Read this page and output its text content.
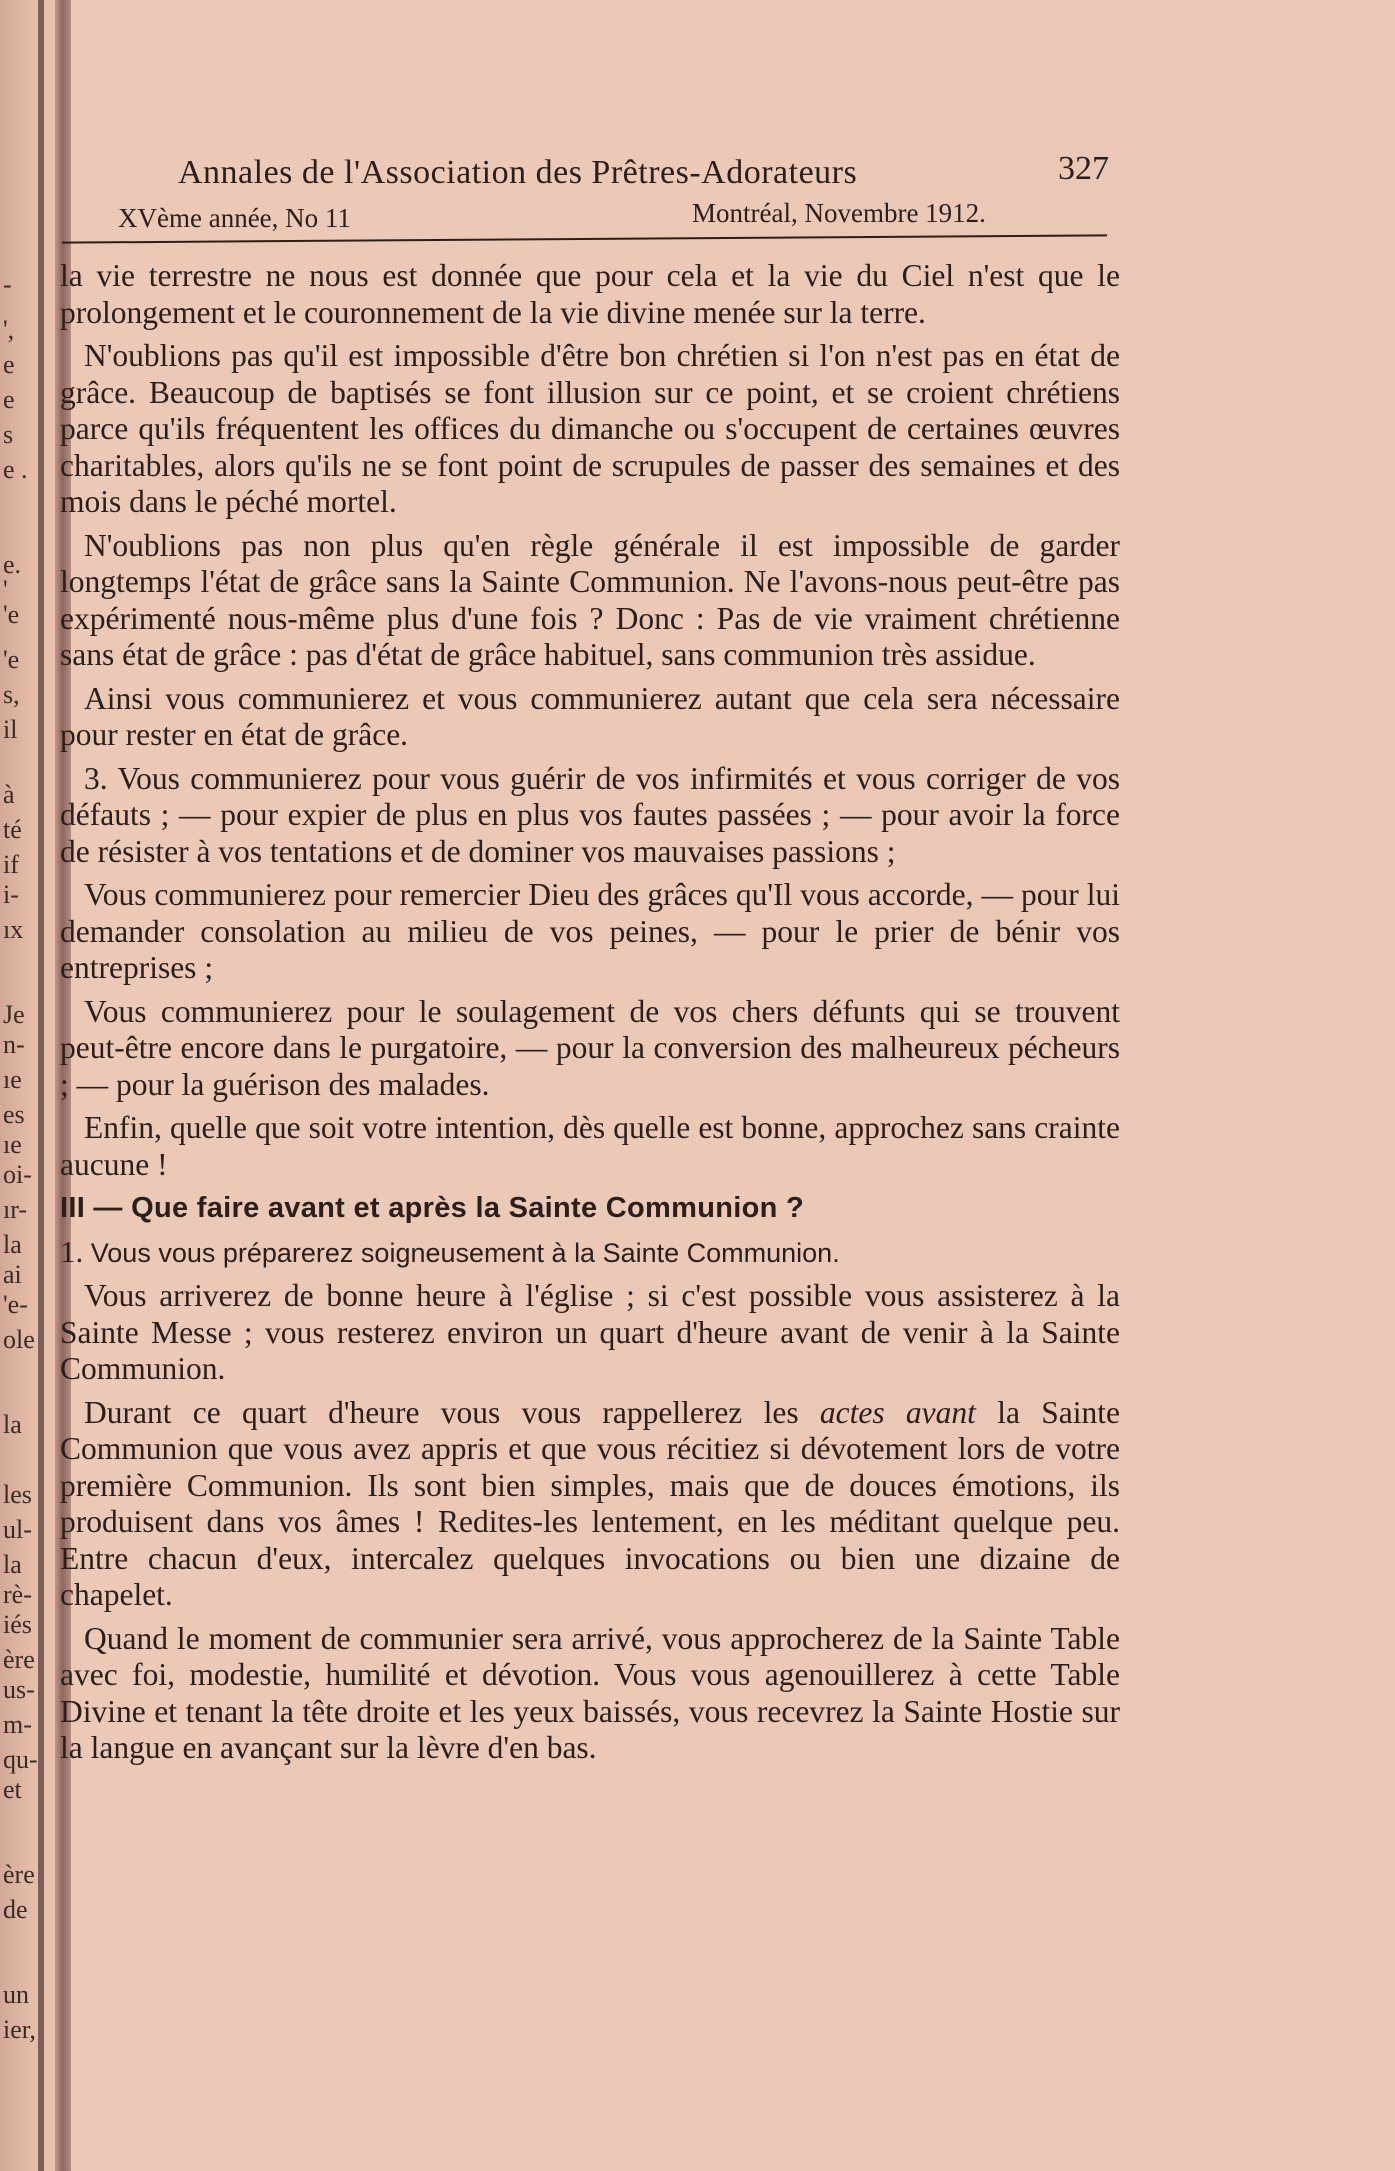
-
',
e
e
s
e .
e.
'
'e
'e
s,
il
à
té
if
i-
ıx
Je
n-
ıe
es
ıe
oi-
ır-
la
ai
'e-
ole
la
les
ul-
la
rè-
iés
ère
us-
m-
qu-
et
ère
de
un
ier,
Annales de l'Association des Prêtres-Adorateurs	327
XVème année, No 11	Montréal, Novembre 1912.

la vie terrestre ne nous est donnée que pour cela et la vie du Ciel n'est que le prolongement et le couronnement de la vie divine menée sur la terre.

N'oublions pas qu'il est impossible d'être bon chrétien si l'on n'est pas en état de grâce. Beaucoup de baptisés se font illusion sur ce point, et se croient chrétiens parce qu'ils fréquentent les offices du dimanche ou s'occupent de certaines œuvres charitables, alors qu'ils ne se font point de scrupules de passer des semaines et des mois dans le péché mortel.

N'oublions pas non plus qu'en règle générale il est impossible de garder longtemps l'état de grâce sans la Sainte Communion. Ne l'avons-nous peut-être pas expérimenté nous-même plus d'une fois ? Donc : Pas de vie vraiment chrétienne sans état de grâce : pas d'état de grâce habituel, sans communion très assidue.

Ainsi vous communierez et vous communierez autant que cela sera nécessaire pour rester en état de grâce.

3. Vous communierez pour vous guérir de vos infirmités et vous corriger de vos défauts ; — pour expier de plus en plus vos fautes passées ; — pour avoir la force de résister à vos tentations et de dominer vos mauvaises passions ;

Vous communierez pour remercier Dieu des grâces qu'Il vous accorde, — pour lui demander consolation au milieu de vos peines, — pour le prier de bénir vos entreprises ;

Vous communierez pour le soulagement de vos chers défunts qui se trouvent peut-être encore dans le purgatoire, — pour la conversion des malheureux pécheurs ; — pour la guérison des malades.

Enfin, quelle que soit votre intention, dès quelle est bonne, approchez sans crainte aucune !

III — Que faire avant et après la Sainte Communion ?

1. Vous vous préparerez soigneusement à la Sainte Communion.

Vous arriverez de bonne heure à l'église ; si c'est possible vous assisterez à la Sainte Messe ; vous resterez environ un quart d'heure avant de venir à la Sainte Communion.

Durant ce quart d'heure vous vous rappellerez les actes avant la Sainte Communion que vous avez appris et que vous récitiez si dévotement lors de votre première Communion. Ils sont bien simples, mais que de douces émotions, ils produisent dans vos âmes ! Redites-les lentement, en les méditant quelque peu. Entre chacun d'eux, intercalez quelques invocations ou bien une dizaine de chapelet.

Quand le moment de communier sera arrivé, vous approcherez de la Sainte Table avec foi, modestie, humilité et dévotion. Vous vous agenouillerez à cette Table Divine et tenant la tête droite et les yeux baissés, vous recevrez la Sainte Hostie sur la langue en avançant sur la lèvre d'en bas.
